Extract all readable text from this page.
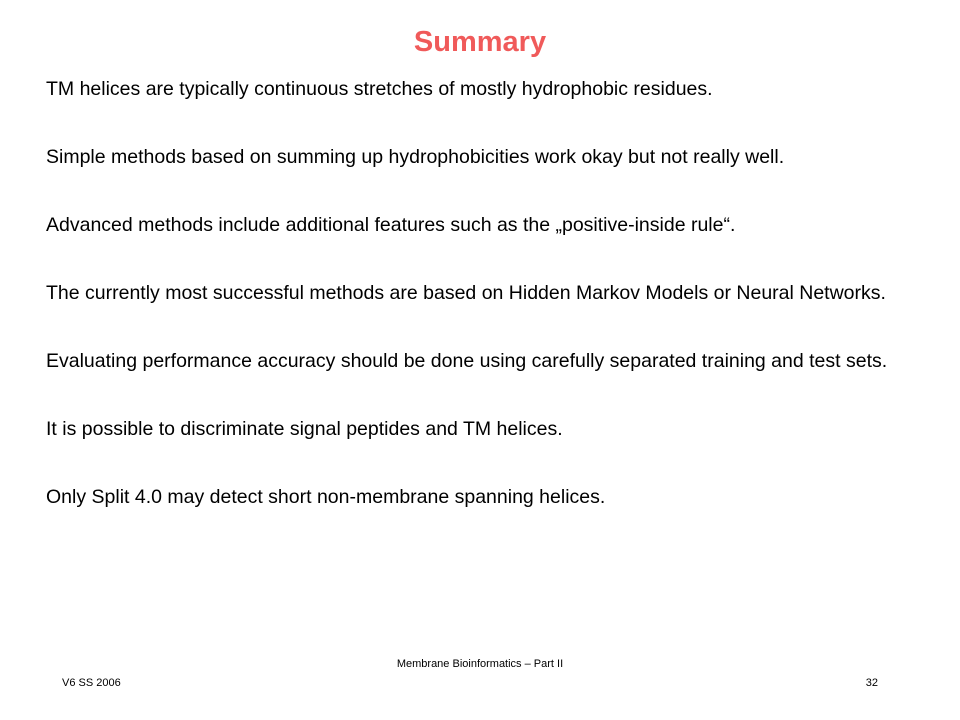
Summary

TM helices are typically continuous stretches of mostly hydrophobic residues.

Simple methods based on summing up hydrophobicities work okay but not really well.

Advanced methods include additional features such as the „positive-inside rule“.

The currently most successful methods are based on Hidden Markov Models or Neural Networks.

Evaluating performance accuracy should be done using carefully separated training and test sets.

It is possible to discriminate signal peptides and TM helices.

Only Split 4.0 may detect short non-membrane spanning helices.

Membrane Bioinformatics – Part II
V6 SS 2006	32
